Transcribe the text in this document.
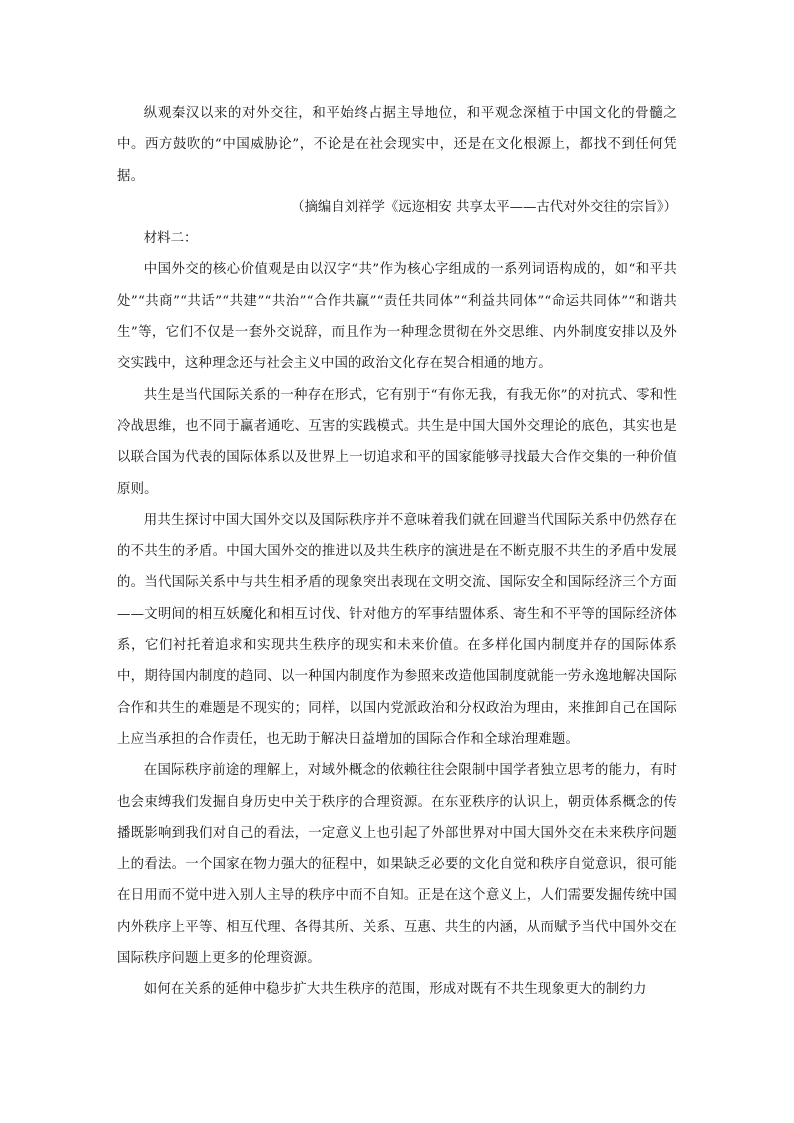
纵观秦汉以来的对外交往，和平始终占据主导地位，和平观念深植于中国文化的骨髓之中。西方鼓吹的“中国威胁论”，不论是在社会现实中，还是在文化根源上，都找不到任何凭据。

（摘编自刘祥学《远迩相安 共享太平——古代对外交往的宗旨》）

材料二：

中国外交的核心价值观是由以汉字“共”作为核心字组成的一系列词语构成的，如“和平共处”“共商”“共话”“共建”“共治”“合作共赢”“责任共同体”“利益共同体”“命运共同体”“和谐共生”等，它们不仅是一套外交说辞，而且作为一种理念贯彻在外交思维、内外制度安排以及外交实践中，这种理念还与社会主义中国的政治文化存在契合相通的地方。

共生是当代国际关系的一种存在形式，它有别于“有你无我，有我无你”的对抗式、零和性冷战思维，也不同于赢者通吃、互害的实践模式。共生是中国大国外交理论的底色，其实也是以联合国为代表的国际体系以及世界上一切追求和平的国家能够寻找最大合作交集的一种价值原则。

用共生探讨中国大国外交以及国际秩序并不意味着我们就在回避当代国际关系中仍然存在的不共生的矛盾。中国大国外交的推进以及共生秩序的演进是在不断克服不共生的矛盾中发展的。当代国际关系中与共生相矛盾的现象突出表现在文明交流、国际安全和国际经济三个方面——文明间的相互妖魔化和相互讨伐、针对他方的军事结盟体系、寄生和不平等的国际经济体系，它们衬托着追求和实现共生秩序的现实和未来价值。在多样化国内制度并存的国际体系中，期待国内制度的趋同、以一种国内制度作为参照来改造他国制度就能一劳永逸地解决国际合作和共生的难题是不现实的；同样，以国内党派政治和分权政治为理由，来推卸自己在国际上应当承担的合作责任，也无助于解决日益增加的国际合作和全球治理难题。

在国际秩序前途的理解上，对域外概念的依赖往往会限制中国学者独立思考的能力，有时也会束缚我们发掘自身历史中关于秩序的合理资源。在东亚秩序的认识上，朝贡体系概念的传播既影响到我们对自己的看法，一定意义上也引起了外部世界对中国大国外交在未来秩序问题上的看法。一个国家在物力强大的征程中，如果缺乏必要的文化自觉和秩序自觉意识，很可能在日用而不觉中进入别人主导的秩序中而不自知。正是在这个意义上，人们需要发掘传统中国内外秩序上平等、相互代理、各得其所、关系、互惠、共生的内涵，从而赋予当代中国外交在国际秩序问题上更多的伦理资源。

如何在关系的延伸中稳步扩大共生秩序的范围，形成对既有不共生现象更大的制约力
